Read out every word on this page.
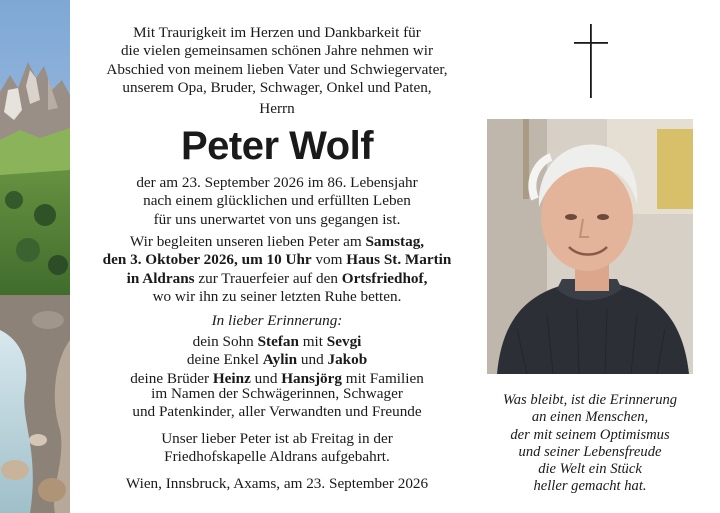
Mit Traurigkeit im Herzen und Dankbarkeit für
die vielen gemeinsamen schönen Jahre nehmen wir
Abschied von meinem lieben Vater und Schwiegervater,
unserem Opa, Bruder, Schwager, Onkel und Paten,
Herrn
Peter Wolf
der am 23. September 2026 im 86. Lebensjahr
nach einem glücklichen und erfüllten Leben
für uns unerwartet von uns gegangen ist.
Wir begleiten unseren lieben Peter am Samstag,
den 3. Oktober 2026, um 10 Uhr vom Haus St. Martin
in Aldrans zur Trauerfeier auf den Ortsfriedhof,
wo wir ihn zu seiner letzten Ruhe betten.
In lieber Erinnerung:
dein Sohn Stefan mit Sevgi
deine Enkel Aylin und Jakob
deine Brüder Heinz und Hansjörg mit Familien
im Namen der Schwägerinnen, Schwager
und Patenkinder, aller Verwandten und Freunde
Unser lieber Peter ist ab Freitag in der
Friedhofskapelle Aldrans aufgebahrt.
Wien, Innsbruck, Axams, am 23. September 2026
Was bleibt, ist die Erinnerung
an einen Menschen,
der mit seinem Optimismus
und seiner Lebensfreude
die Welt ein Stück
heller gemacht hat.
